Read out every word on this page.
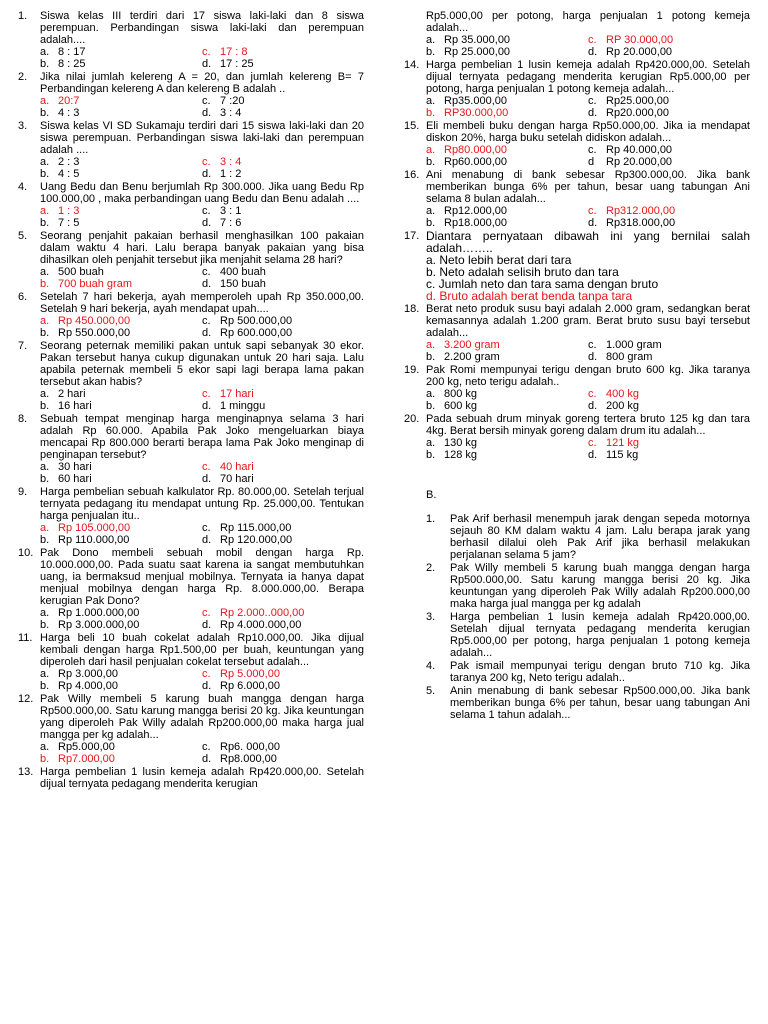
1.	Siswa kelas III terdiri dari 17 siswa laki-laki dan 8 siswa perempuan. Perbandingan siswa laki-laki dan perempuan adalah....
a. 8 : 17	c. 17 : 8
b. 8 : 25	d. 17 : 25
2.	Jika nilai jumlah kelereng A = 20, dan jumlah kelereng B= 7 Perbandingan kelereng A dan kelereng B adalah ..
a. 20:7	c. 7 :20
b. 4 : 3	d. 3 : 4
3.	Siswa kelas VI SD Sukamaju terdiri dari 15 siswa laki-laki dan 20 siswa perempuan. Perbandingan siswa laki-laki dan perempuan adalah ....
a. 2 : 3	c. 3 : 4
b. 4 : 5	d. 1 : 2
4.	Uang Bedu dan Benu berjumlah Rp 300.000. Jika uang Bedu Rp 100.000,00 , maka perbandingan uang Bedu dan Benu adalah ....
a. 1 : 3	c. 3 : 1
b. 7 : 5	d. 7 : 6
5.	Seorang penjahit pakaian berhasil menghasilkan 100 pakaian dalam waktu 4 hari. Lalu berapa banyak pakaian yang bisa dihasilkan oleh penjahit tersebut jika menjahit selama 28 hari?
a. 500 buah	c. 400 buah
b. 700 buah gram	d. 150 buah
6.	Setelah 7 hari bekerja, ayah memperoleh upah Rp 350.000,00. Setelah 9 hari bekerja, ayah mendapat upah....
a. Rp 450.000,00	c. Rp 500.000,00
b. Rp 550.000,00	d. Rp 600.000,00
7.	Seorang peternak memiliki pakan untuk sapi sebanyak 30 ekor. Pakan tersebut hanya cukup digunakan untuk 20 hari saja. Lalu apabila peternak membeli 5 ekor sapi lagi berapa lama pakan tersebut akan habis?
a. 2 hari	c. 17 hari
b. 16 hari	d. 1 minggu
8.	Sebuah tempat menginap harga menginapnya selama 3 hari adalah Rp 60.000. Apabila Pak Joko mengeluarkan biaya mencapai Rp 800.000 berarti berapa lama Pak Joko menginap di penginapan tersebut?
a. 30 hari	c. 40 hari
b. 60 hari	d. 70 hari
9.	Harga pembelian sebuah kalkulator Rp. 80.000,00. Setelah terjual ternyata pedagang itu mendapat untung Rp. 25.000,00. Tentukan harga penjualan itu..
a. Rp 105.000,00	c. Rp 115.000,00
b. Rp 110.000,00	d. Rp 120.000,00
10. Pak Dono membeli sebuah mobil dengan harga Rp. 10.000.000,00. Pada suatu saat karena ia sangat membutuhkan uang, ia bermaksud menjual mobilnya. Ternyata ia hanya dapat menjual mobilnya dengan harga Rp. 8.000.000,00. Berapa kerugian Pak Dono?
a. Rp 1.000.000,00	c. Rp 2.000..000,00
b. Rp 3.000.000,00	d. Rp 4.000.000,00
11. Harga beli 10 buah cokelat adalah Rp10.000,00. Jika dijual kembali dengan harga Rp1.500,00 per buah, keuntungan yang diperoleh dari hasil penjualan cokelat tersebut adalah...
a. Rp 3.000,00	c. Rp 5.000,00
b. Rp 4.000,00	d. Rp 6.000,00
12. Pak Willy membeli 5 karung buah mangga dengan harga Rp500.000,00. Satu karung mangga berisi 20 kg. Jika keuntungan yang diperoleh Pak Willy adalah Rp200.000,00 maka harga jual mangga per kg adalah...
a. Rp5.000,00	c. Rp6. 000,00
b. Rp7.000,00	d. Rp8.000,00
13. Harga pembelian 1 lusin kemeja adalah Rp420.000,00. Setelah dijual ternyata pedagang menderita kerugian
Rp5.000,00 per potong, harga penjualan 1 potong kemeja adalah...
a. Rp 35.000,00	c. RP 30.000,00
b. Rp 25.000,00	d. Rp 20.000,00
14. Harga pembelian 1 lusin kemeja adalah Rp420.000,00. Setelah dijual ternyata pedagang menderita kerugian Rp5.000,00 per potong, harga penjualan 1 potong kemeja adalah...
a. Rp35.000,00	c. Rp25.000,00
b. RP30.000,00	d. Rp20.000,00
15. Eli membeli buku dengan harga Rp50.000,00. Jika ia mendapat diskon 20%, harga buku setelah didiskon adalah...
a. Rp80.000,00	c. Rp 40.000,00
b. Rp60.000,00	d	Rp 20.000,00
16. Ani menabung di bank sebesar Rp300.000,00. Jika bank memberikan bunga 6% per tahun, besar uang tabungan Ani selama 8 bulan adalah...
a. Rp12.000,00	c. Rp312.000,00
b. Rp18.000,00	d. Rp318.000,00
17. Diantara pernyataan dibawah ini yang bernilai salah adalah……..
a. Neto lebih berat dari tara
b. Neto adalah selisih bruto dan tara
c. Jumlah neto dan tara sama dengan bruto
d. Bruto adalah berat benda tanpa tara
18. Berat neto produk susu bayi adalah 2.000 gram, sedangkan berat kemasannya adalah 1.200 gram. Berat bruto susu bayi tersebut adalah...
a. 3.200 gram	c. 1.000 gram
b. 2.200 gram	d. 800 gram
19. Pak Romi mempunyai terigu dengan bruto 600 kg. Jika taranya 200 kg, neto terigu adalah..
a. 800 kg	c. 400 kg
b. 600 kg	d. 200 kg
20. Pada sebuah drum minyak goreng tertera bruto 125 kg dan tara 4kg. Berat bersih minyak goreng dalam drum itu adalah...
a. 130 kg	c. 121 kg
b. 128 kg	d. 115 kg
B.
1.	Pak Arif berhasil menempuh jarak dengan sepeda motornya sejauh 80 KM dalam waktu 4 jam. Lalu berapa jarak yang berhasil dilalui oleh Pak Arif jika berhasil melakukan perjalanan selama 5 jam?
2.	Pak Willy membeli 5 karung buah mangga dengan harga Rp500.000,00. Satu karung mangga berisi 20 kg. Jika keuntungan yang diperoleh Pak Willy adalah Rp200.000,00 maka harga jual mangga per kg adalah
3.	Harga pembelian 1 lusin kemeja adalah Rp420.000,00. Setelah dijual ternyata pedagang menderita kerugian Rp5.000,00 per potong, harga penjualan 1 potong kemeja adalah...
4.	Pak ismail mempunyai terigu dengan bruto 710 kg. Jika taranya 200 kg, Neto terigu adalah..
5.	Anin menabung di bank sebesar Rp500.000,00. Jika bank memberikan bunga 6% per tahun, besar uang tabungan Ani selama 1 tahun adalah...
